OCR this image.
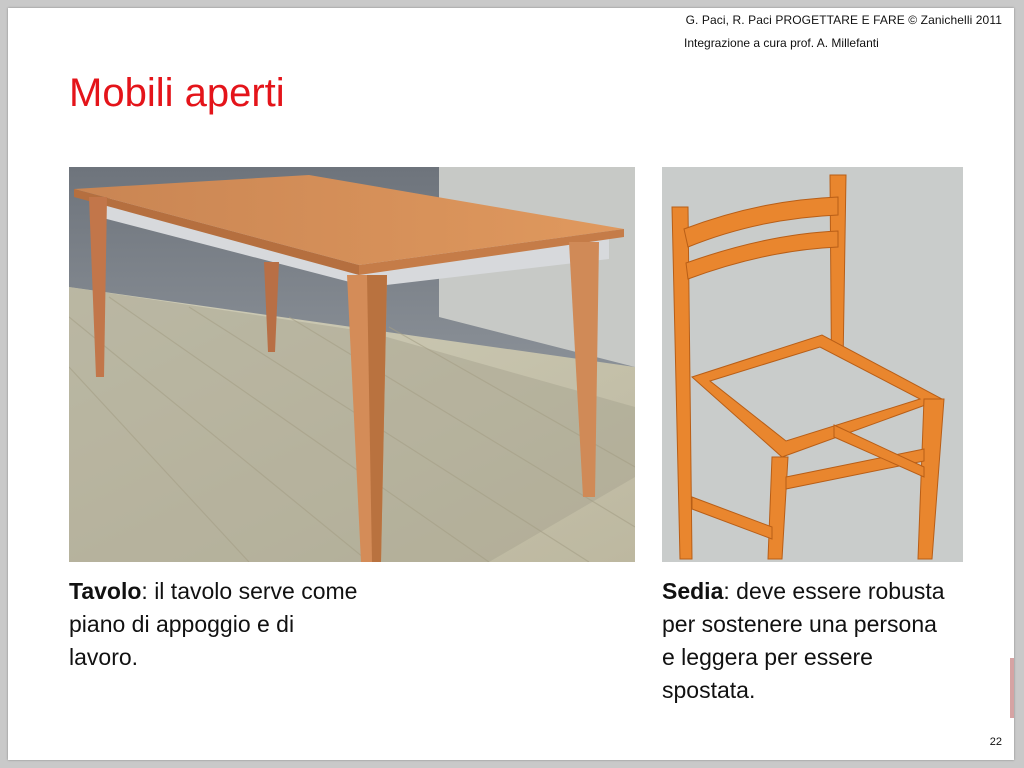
G. Paci, R. Paci PROGETTARE E FARE © Zanichelli 2011
Integrazione a cura prof. A. Millefanti
Mobili aperti
Tavolo: il tavolo serve come piano di appoggio e di lavoro.
Sedia: deve essere robusta per sostenere una persona e leggera per essere spostata.
22
